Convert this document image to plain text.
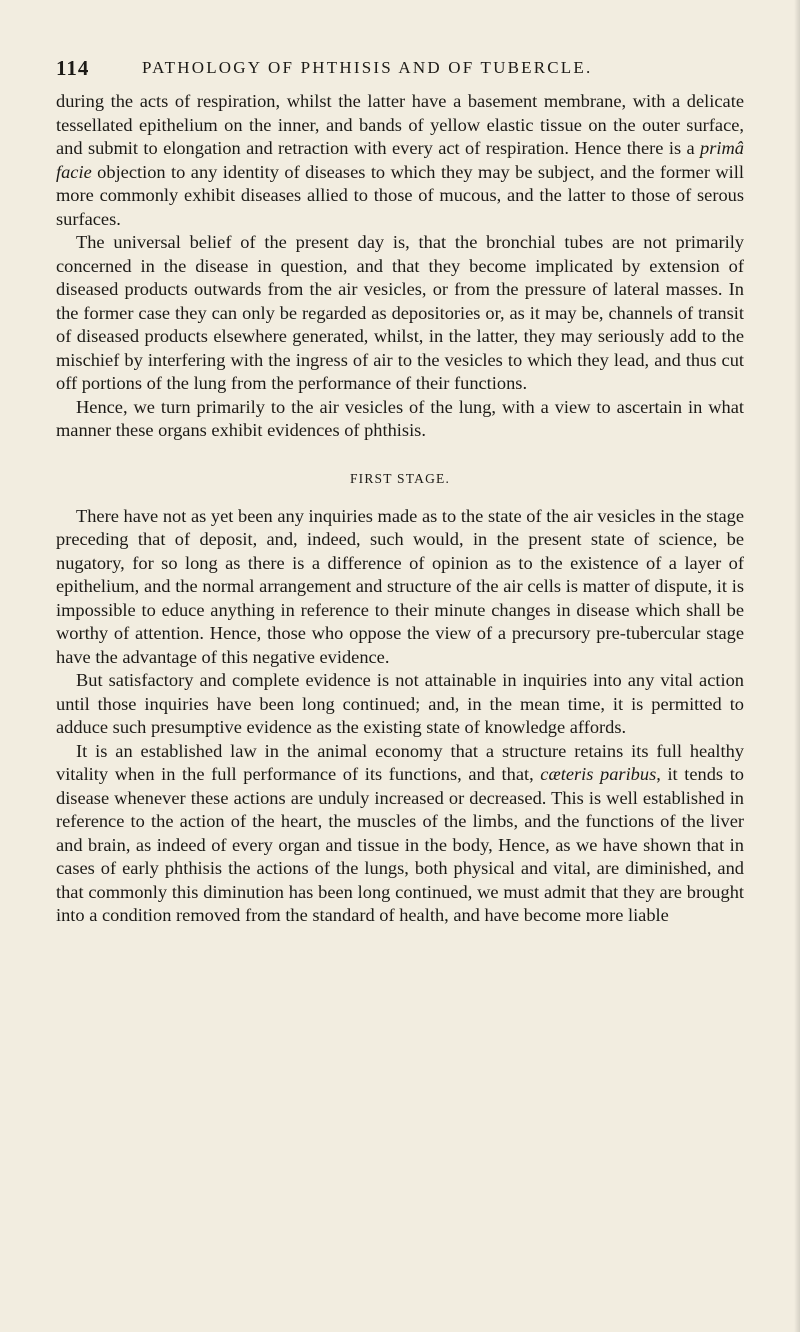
114	PATHOLOGY OF PHTHISIS AND OF TUBERCLE.

during the acts of respiration, whilst the latter have a basement membrane, with a delicate tessellated epithelium on the inner, and bands of yellow elastic tissue on the outer surface, and submit to elongation and retraction with every act of respiration. Hence there is a primâ facie objection to any identity of diseases to which they may be subject, and the former will more commonly exhibit diseases allied to those of mucous, and the latter to those of serous surfaces.

The universal belief of the present day is, that the bronchial tubes are not primarily concerned in the disease in question, and that they become implicated by extension of diseased products outwards from the air vesicles, or from the pressure of lateral masses. In the former case they can only be regarded as depositories or, as it may be, channels of transit of diseased products elsewhere generated, whilst, in the latter, they may seriously add to the mischief by interfering with the ingress of air to the vesicles to which they lead, and thus cut off portions of the lung from the performance of their functions.

Hence, we turn primarily to the air vesicles of the lung, with a view to ascertain in what manner these organs exhibit evidences of phthisis.

FIRST STAGE.

There have not as yet been any inquiries made as to the state of the air vesicles in the stage preceding that of deposit, and, indeed, such would, in the present state of science, be nugatory, for so long as there is a difference of opinion as to the existence of a layer of epithelium, and the normal arrangement and structure of the air cells is matter of dispute, it is impossible to educe anything in reference to their minute changes in disease which shall be worthy of attention. Hence, those who oppose the view of a precursory pre-tubercular stage have the advantage of this negative evidence.

But satisfactory and complete evidence is not attainable in inquiries into any vital action until those inquiries have been long continued; and, in the mean time, it is permitted to adduce such presumptive evidence as the existing state of knowledge affords.

It is an established law in the animal economy that a structure retains its full healthy vitality when in the full performance of its functions, and that, cæteris paribus, it tends to disease whenever these actions are unduly increased or decreased. This is well established in reference to the action of the heart, the muscles of the limbs, and the functions of the liver and brain, as indeed of every organ and tissue in the body, Hence, as we have shown that in cases of early phthisis the actions of the lungs, both physical and vital, are diminished, and that commonly this diminution has been long continued, we must admit that they are brought into a condition removed from the standard of health, and have become more liable
